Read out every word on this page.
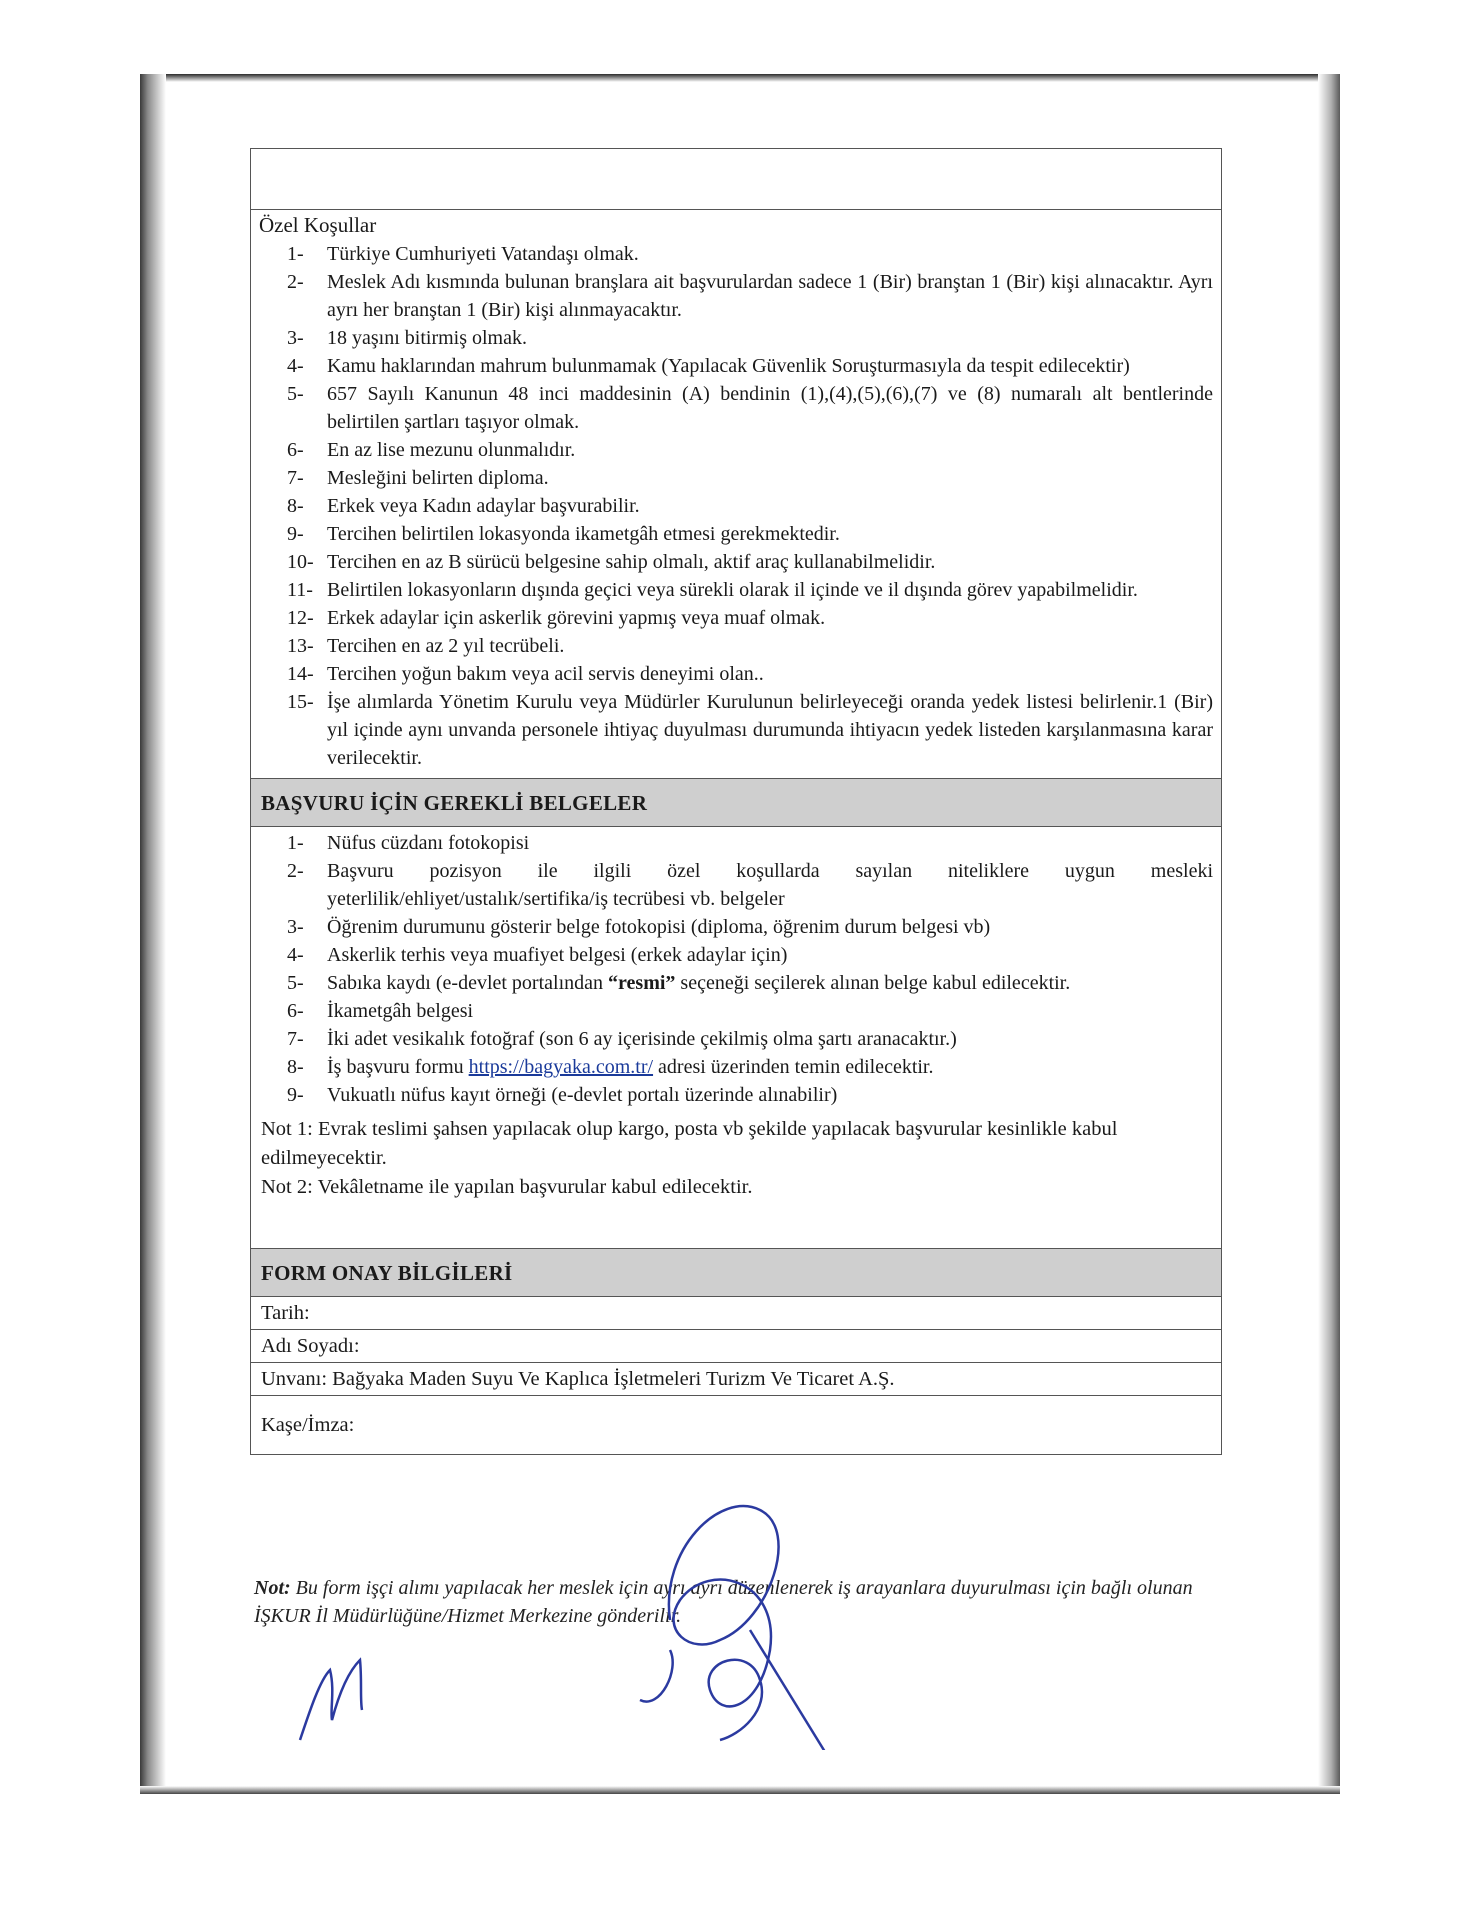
Özel Koşullar
1-	Türkiye Cumhuriyeti Vatandaşı olmak.
2-	Meslek Adı kısmında bulunan branşlara ait başvurulardan sadece 1 (Bir) branştan 1 (Bir) kişi alınacaktır. Ayrı ayrı her branştan 1 (Bir) kişi alınmayacaktır.
3-	18 yaşını bitirmiş olmak.
4-	Kamu haklarından mahrum bulunmamak (Yapılacak Güvenlik Soruşturmasıyla da tespit edilecektir)
5-	657 Sayılı Kanunun 48 inci maddesinin (A) bendinin (1),(4),(5),(6),(7) ve (8) numaralı alt bentlerinde belirtilen şartları taşıyor olmak.
6-	En az lise mezunu olunmalıdır.
7-	Mesleğini belirten diploma.
8-	Erkek veya Kadın adaylar başvurabilir.
9-	Tercihen belirtilen lokasyonda ikametgâh etmesi gerekmektedir.
10- Tercihen en az B sürücü belgesine sahip olmalı, aktif araç kullanabilmelidir.
11- Belirtilen lokasyonların dışında geçici veya sürekli olarak il içinde ve il dışında görev yapabilmelidir.
12- Erkek adaylar için askerlik görevini yapmış veya muaf olmak.
13- Tercihen en az 2 yıl tecrübeli.
14- Tercihen yoğun bakım veya acil servis deneyimi olan..
15- İşe alımlarda Yönetim Kurulu veya Müdürler Kurulunun belirleyeceği oranda yedek listesi belirlenir.1 (Bir) yıl içinde aynı unvanda personele ihtiyaç duyulması durumunda ihtiyacın yedek listeden karşılanmasına karar verilecektir.
BAŞVURU İÇİN GEREKLİ BELGELER
1-	Nüfus cüzdanı fotokopisi
2-	Başvuru pozisyon ile ilgili özel koşullarda sayılan niteliklere uygun mesleki yeterlilik/ehliyet/ustalık/sertifika/iş tecrübesi vb. belgeler
3-	Öğrenim durumunu gösterir belge fotokopisi (diploma, öğrenim durum belgesi vb)
4-	Askerlik terhis veya muafiyet belgesi (erkek adaylar için)
5-	Sabıka kaydı (e-devlet portalından “resmi” seçeneği seçilerek alınan belge kabul edilecektir.
6-	İkametgâh belgesi
7-	İki adet vesikalık fotoğraf (son 6 ay içerisinde çekilmiş olma şartı aranacaktır.)
8-	İş başvuru formu https://bagyaka.com.tr/ adresi üzerinden temin edilecektir.
9-	Vukuatlı nüfus kayıt örneği (e-devlet portalı üzerinde alınabilir)
Not 1: Evrak teslimi şahsen yapılacak olup kargo, posta vb şekilde yapılacak başvurular kesinlikle kabul edilmeyecektir.
Not 2: Vekâletname ile yapılan başvurular kabul edilecektir.
FORM ONAY BİLGİLERİ
Tarih:
Adı Soyadı:
Unvanı: Bağyaka Maden Suyu Ve Kaplıca İşletmeleri Turizm Ve Ticaret A.Ş.
Kaşe/İmza:
Not: Bu form işçi alımı yapılacak her meslek için ayrı ayrı düzenlenerek iş arayanlara duyurulması için bağlı olunan İŞKUR İl Müdürlüğüne/Hizmet Merkezine gönderilir.
